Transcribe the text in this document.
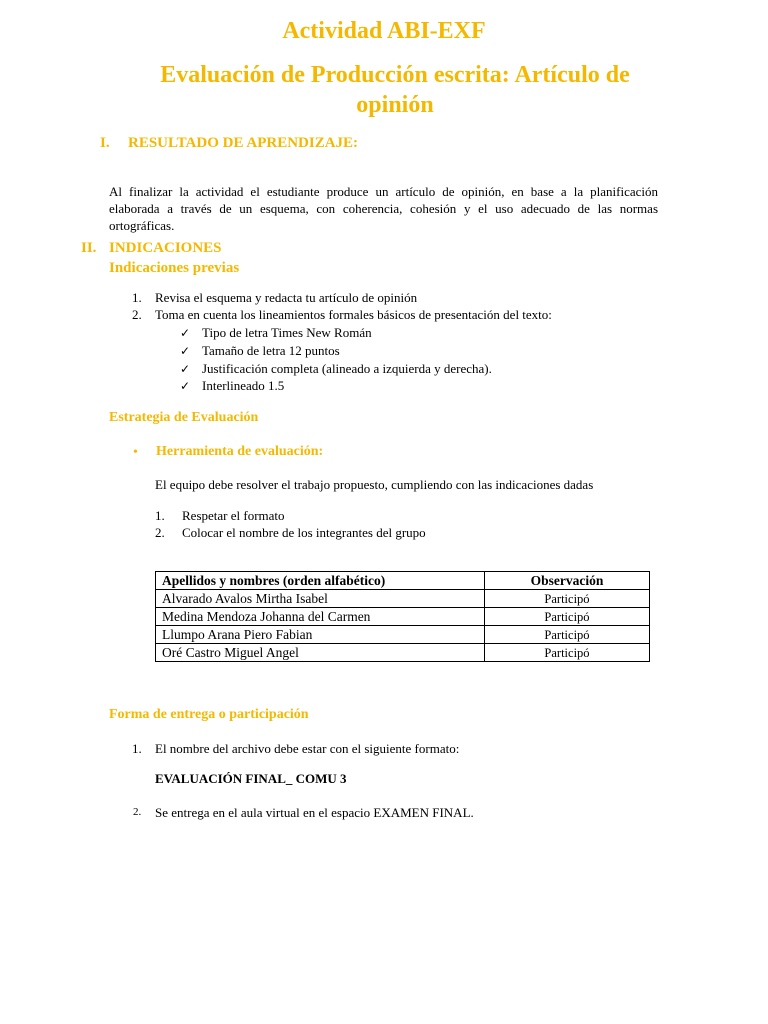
Actividad ABI-EXF
Evaluación de Producción escrita: Artículo de
opinión
I. RESULTADO DE APRENDIZAJE:
Al finalizar la actividad el estudiante produce un artículo de opinión, en base a la planificación
elaborada a través de un esquema, con coherencia, cohesión y el uso adecuado de las normas
ortográficas.
II. INDICACIONES
Indicaciones previas
1. Revisa el esquema y redacta tu artículo de opinión
2. Toma en cuenta los lineamientos formales básicos de presentación del texto:
✓ Tipo de letra Times New Román
✓ Tamaño de letra 12 puntos
✓ Justificación completa (alineado a izquierda y derecha).
✓ Interlineado 1.5
Estrategia de Evaluación
• Herramienta de evaluación:
El equipo debe resolver el trabajo propuesto, cumpliendo con las indicaciones dadas
1. Respetar el formato
2. Colocar el nombre de los integrantes del grupo
Apellidos y nombres (orden alfabético)	Observación
Alvarado Avalos Mirtha Isabel	Participó
Medina Mendoza Johanna del Carmen	Participó
Llumpo Arana Piero Fabian	Participó
Oré Castro Miguel Angel	Participó
Forma de entrega o participación
1. El nombre del archivo debe estar con el siguiente formato:
EVALUACIÓN FINAL_ COMU 3
2. Se entrega en el aula virtual en el espacio EXAMEN FINAL.
